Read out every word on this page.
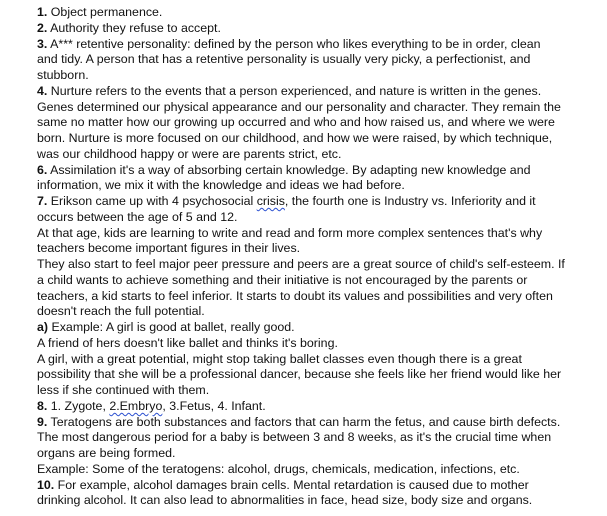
1. Object permanence.
2. Authority they refuse to accept.
3. A*** retentive personality: defined by the person who likes everything to be in order, clean
and tidy. A person that has a retentive personality is usually very picky, a perfectionist, and
stubborn.
4. Nurture refers to the events that a person experienced, and nature is written in the genes.
Genes determined our physical appearance and our personality and character. They remain the
same no matter how our growing up occurred and who and how raised us, and where we were
born. Nurture is more focused on our childhood, and how we were raised, by which technique,
was our childhood happy or were are parents strict, etc.
6. Assimilation it's a way of absorbing certain knowledge. By adapting new knowledge and
information, we mix it with the knowledge and ideas we had before.
7. Erikson came up with 4 psychosocial crisis, the fourth one is Industry vs. Inferiority and it
occurs between the age of 5 and 12.
At that age, kids are learning to write and read and form more complex sentences that's why
teachers become important figures in their lives.
They also start to feel major peer pressure and peers are a great source of child's self-esteem. If
a child wants to achieve something and their initiative is not encouraged by the parents or
teachers, a kid starts to feel inferior. It starts to doubt its values and possibilities and very often
doesn't reach the full potential.
a) Example: A girl is good at ballet, really good.
A friend of hers doesn't like ballet and thinks it's boring.
A girl, with a great potential, might stop taking ballet classes even though there is a great
possibility that she will be a professional dancer, because she feels like her friend would like her
less if she continued with them.
8. 1. Zygote, 2.Embryo, 3.Fetus, 4. Infant.
9. Teratogens are both substances and factors that can harm the fetus, and cause birth defects.
The most dangerous period for a baby is between 3 and 8 weeks, as it's the crucial time when
organs are being formed.
Example: Some of the teratogens: alcohol, drugs, chemicals, medication, infections, etc.
10. For example, alcohol damages brain cells. Mental retardation is caused due to mother
drinking alcohol. It can also lead to abnormalities in face, head size, body size and organs.
